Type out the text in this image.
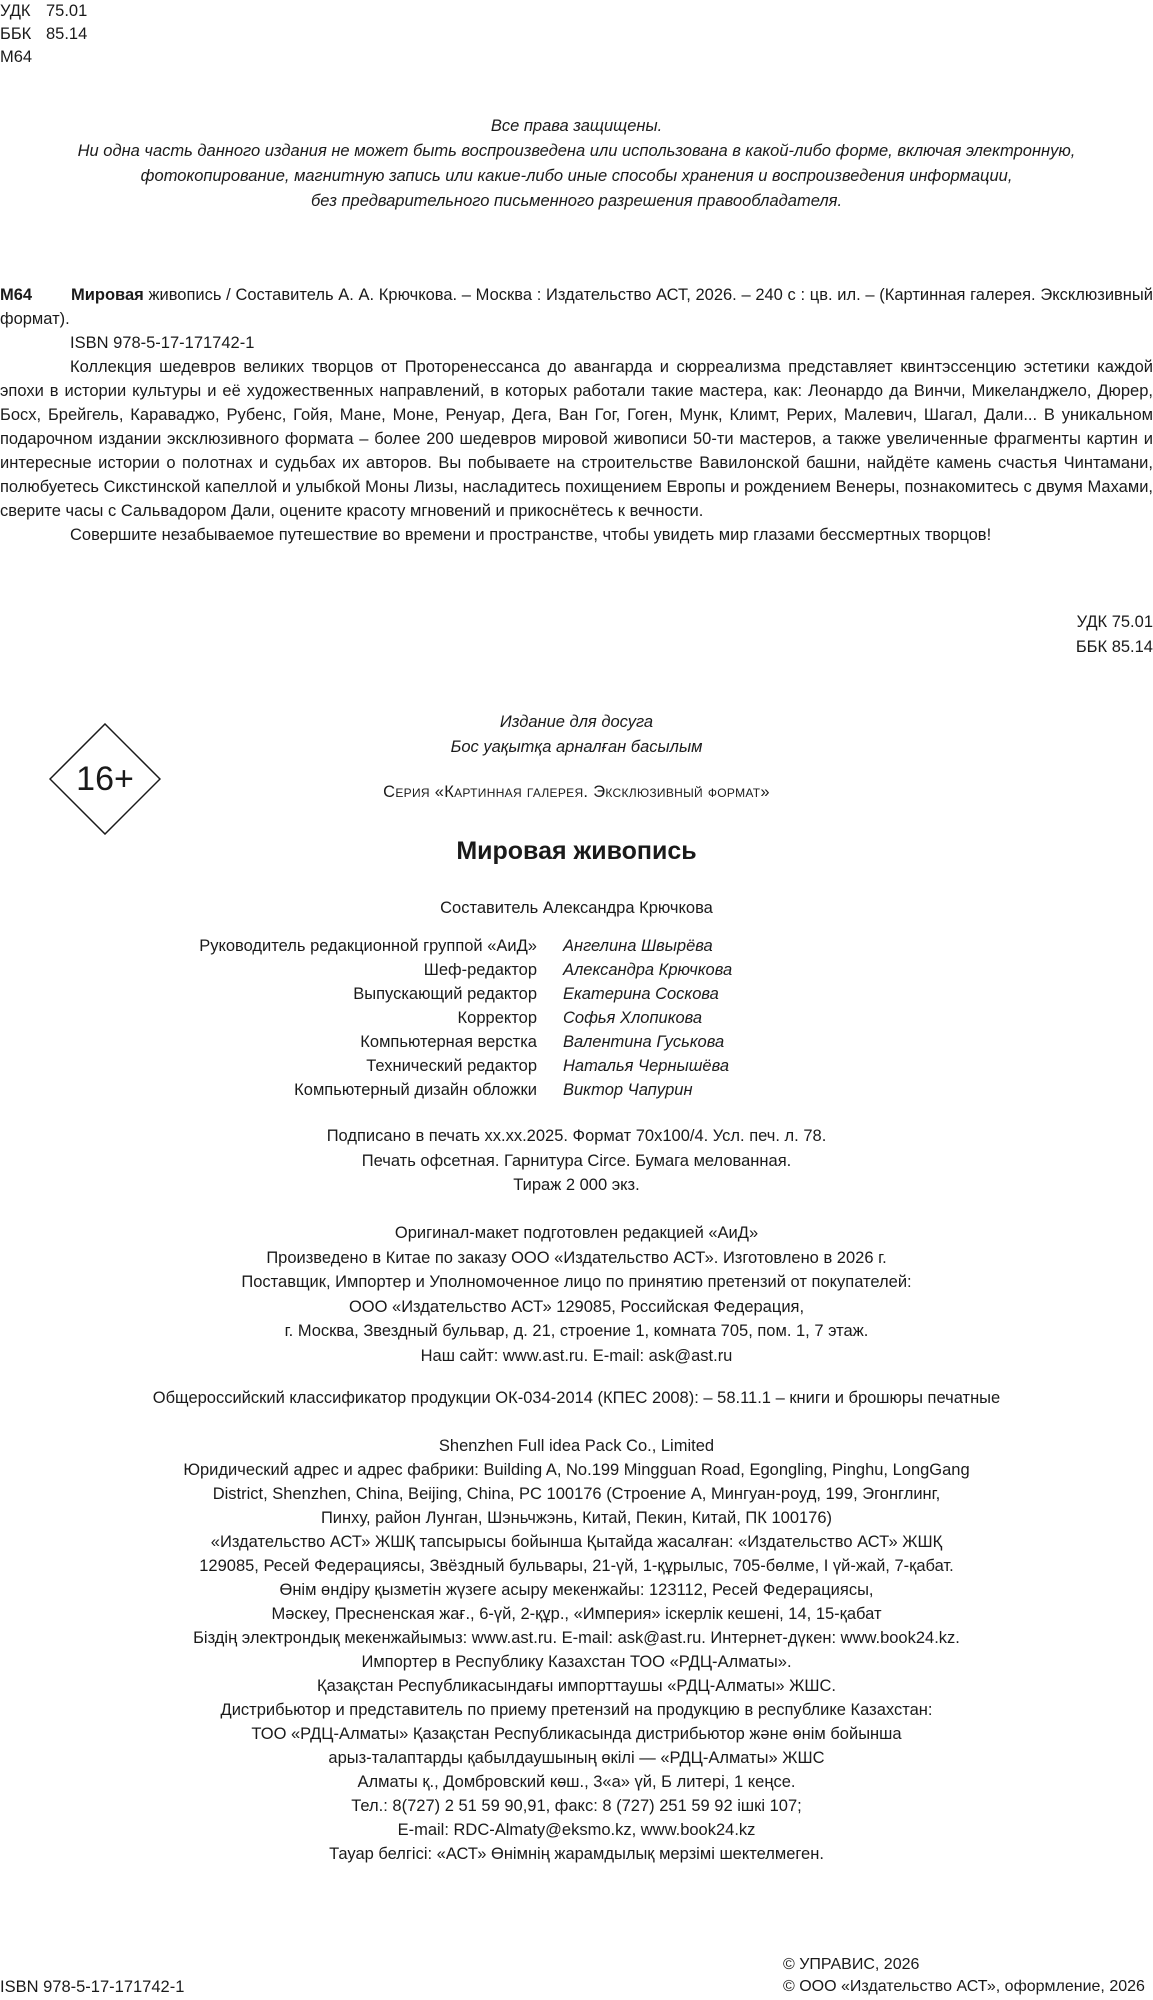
УДК 75.01
ББК 85.14
М64
Все права защищены.
Ни одна часть данного издания не может быть воспроизведена или использована в какой-либо форме, включая электронную,
фотокопирование, магнитную запись или какие-либо иные способы хранения и воспроизведения информации,
без предварительного письменного разрешения правообладателя.

М64 Мировая живопись / Составитель А. А. Крючкова. – Москва : Издательство АСТ, 2026. – 240 с : цв. ил. – (Картинная галерея. Эксклюзивный формат).

ISBN 978-5-17-171742-1

Коллекция шедевров великих творцов от Проторенессанса до авангарда и сюрреализма представляет квинтэссенцию эстетики каждой эпохи в истории культуры и её художественных направлений, в которых работали такие мастера, как: Леонардо да Винчи, Микеланджело, Дюрер, Босх, Брейгель, Караваджо, Рубенс, Гойя, Мане, Моне, Ренуар, Дега, Ван Гог, Гоген, Мунк, Климт, Рерих, Малевич, Шагал, Дали... В уникальном подарочном издании эксклюзивного формата – более 200 шедевров мировой живописи 50-ти мастеров, а также увеличенные фрагменты картин и интересные истории о полотнах и судьбах их авторов. Вы побываете на строительстве Вавилонской башни, найдёте камень счастья Чинтамани, полюбуетесь Сикстинской капеллой и улыбкой Моны Лизы, насладитесь похищением Европы и рождением Венеры, познакомитесь с двумя Махами, сверите часы с Сальвадором Дали, оцените красоту мгновений и прикоснётесь к вечности.

Совершите незабываемое путешествие во времени и пространстве, чтобы увидеть мир глазами бессмертных творцов!

УДК 75.01
ББК 85.14
16+
Издание для досуга
Бос уақытқа арналған басылым
Серия «Картинная галерея. Эксклюзивный формат»
Мировая живопись
Составитель Александра Крючкова
Руководитель редакционной группой «АиД»	Ангелина Швырёва
Шеф-редактор	Александра Крючкова
Выпускающий редактор	Екатерина Соскова
Корректор	Софья Хлопикова
Компьютерная верстка	Валентина Гуськова
Технический редактор	Наталья Чернышёва
Компьютерный дизайн обложки	Виктор Чапурин
Подписано в печать хх.хх.2025. Формат 70х100/4. Усл. печ. л. 78.
Печать офсетная. Гарнитура Circe. Бумага мелованная.
Тираж 2 000 экз.
Оригинал-макет подготовлен редакцией «АиД»
Произведено в Китае по заказу ООО «Издательство АСТ». Изготовлено в 2026 г.
Поставщик, Импортер и Уполномоченное лицо по принятию претензий от покупателей:
ООО «Издательство АСТ» 129085, Российская Федерация,
г. Москва, Звездный бульвар, д. 21, строение 1, комната 705, пом. 1, 7 этаж.
Наш сайт: www.ast.ru. E-mail: ask@ast.ru
Общероссийский классификатор продукции ОК-034-2014 (КПЕС 2008): – 58.11.1 – книги и брошюры печатные
Shenzhen Full idea Pack Co., Limited
Юридический адрес и адрес фабрики: Building A, No.199 Mingguan Road, Egongling, Pinghu, LongGang
District, Shenzhen, China, Beijing, China, PC 100176 (Строение А, Мингуан-роуд, 199, Эгонглинг,
Пинху, район Лунган, Шэньчжэнь, Китай, Пекин, Китай, ПК 100176)
«Издательство АСТ» ЖШҚ тапсырысы бойынша Қытайда жасалған: «Издательство АСТ» ЖШҚ
129085, Ресей Федерациясы, Звёздный бульвары, 21-үй, 1-құрылыс, 705-бөлме, I үй-жай, 7-қабат.
Өнім өндіру қызметін жүзеге асыру мекенжайы: 123112, Ресей Федерациясы,
Мәскеу, Пресненская жағ., 6-үй, 2-құр., «Империя» іскерлік кешені, 14, 15-қабат
Біздің электрондық мекенжайымыз: www.ast.ru. E-mail: ask@ast.ru. Интернет-дүкен: www.book24.kz.
Импортер в Республику Казахстан ТОО «РДЦ-Алматы».
Қазақстан Республикасындағы импорттаушы «РДЦ-Алматы» ЖШС.
Дистрибьютор и представитель по приему претензий на продукцию в республике Казахстан:
ТОО «РДЦ-Алматы» Қазақстан Республикасында дистрибьютор және өнім бойынша
арыз-талаптарды қабылдаушының өкілі — «РДЦ-Алматы» ЖШС
Алматы қ., Домбровский көш., 3«а» үй, Б литері, 1 кеңсе.
Тел.: 8(727) 2 51 59 90,91, факс: 8 (727) 251 59 92 ішкі 107;
E-mail: RDC-Almaty@eksmo.kz, www.book24.kz
Тауар белгісі: «АСТ» Өнімнің жарамдылық мерзімі шектелмеген.
ISBN 978-5-17-171742-1
© УПРАВИС, 2026
© ООО «Издательство АСТ», оформление, 2026
